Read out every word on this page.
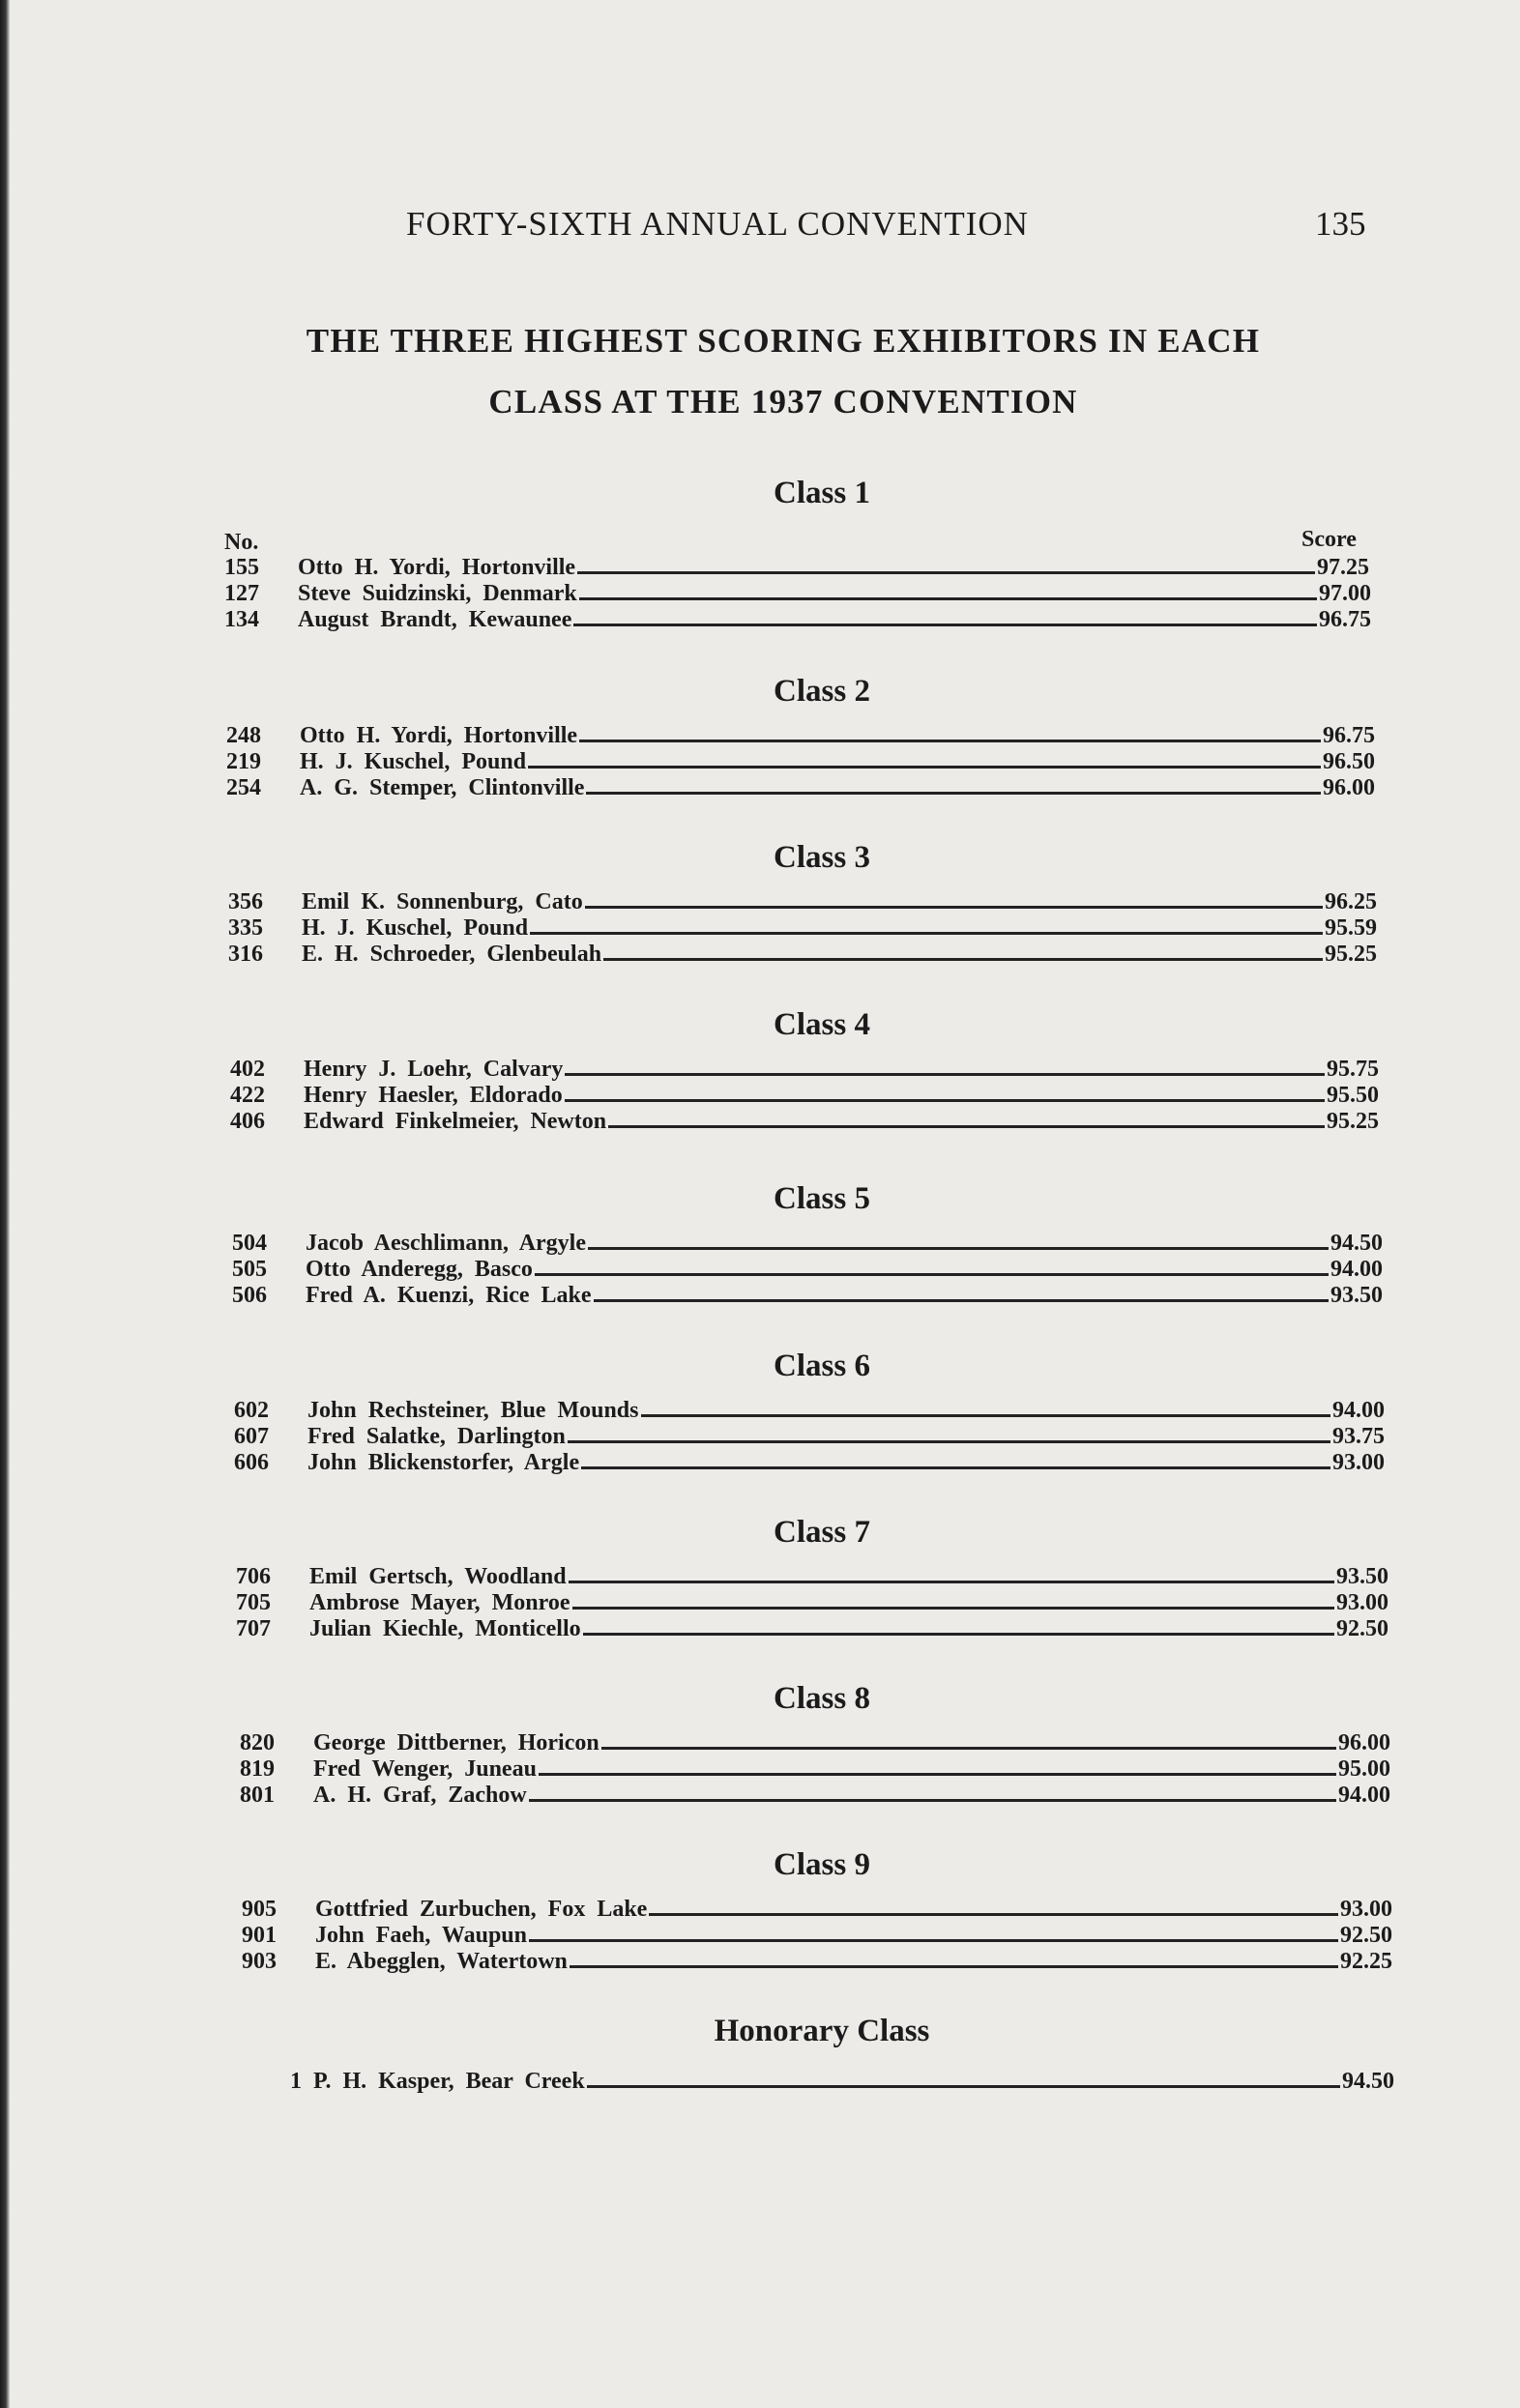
FORTY-SIXTH ANNUAL CONVENTION	135
THE THREE HIGHEST SCORING EXHIBITORS IN EACH
CLASS AT THE 1937 CONVENTION
Class 1
No.	Score
155	Otto H. Yordi, Hortonville	97.25
127	Steve Suidzinski, Denmark	97.00
134	August Brandt, Kewaunee	96.75
Class 2
248	Otto H. Yordi, Hortonville	96.75
219	H. J. Kuschel, Pound	96.50
254	A. G. Stemper, Clintonville	96.00
Class 3
356	Emil K. Sonnenburg, Cato	96.25
335	H. J. Kuschel, Pound	95.59
316	E. H. Schroeder, Glenbeulah	95.25
Class 4
402	Henry J. Loehr, Calvary	95.75
422	Henry Haesler, Eldorado	95.50
406	Edward Finkelmeier, Newton	95.25
Class 5
504	Jacob Aeschlimann, Argyle	94.50
505	Otto Anderegg, Basco	94.00
506	Fred A. Kuenzi, Rice Lake	93.50
Class 6
602	John Rechsteiner, Blue Mounds	94.00
607	Fred Salatke, Darlington	93.75
606	John Blickenstorfer, Argle	93.00
Class 7
706	Emil Gertsch, Woodland	93.50
705	Ambrose Mayer, Monroe	93.00
707	Julian Kiechle, Monticello	92.50
Class 8
820	George Dittberner, Horicon	96.00
819	Fred Wenger, Juneau	95.00
801	A. H. Graf, Zachow	94.00
Class 9
905	Gottfried Zurbuchen, Fox Lake	93.00
901	John Faeh, Waupun	92.50
903	E. Abegglen, Watertown	92.25
Honorary Class
1 P. H. Kasper, Bear Creek	94.50
